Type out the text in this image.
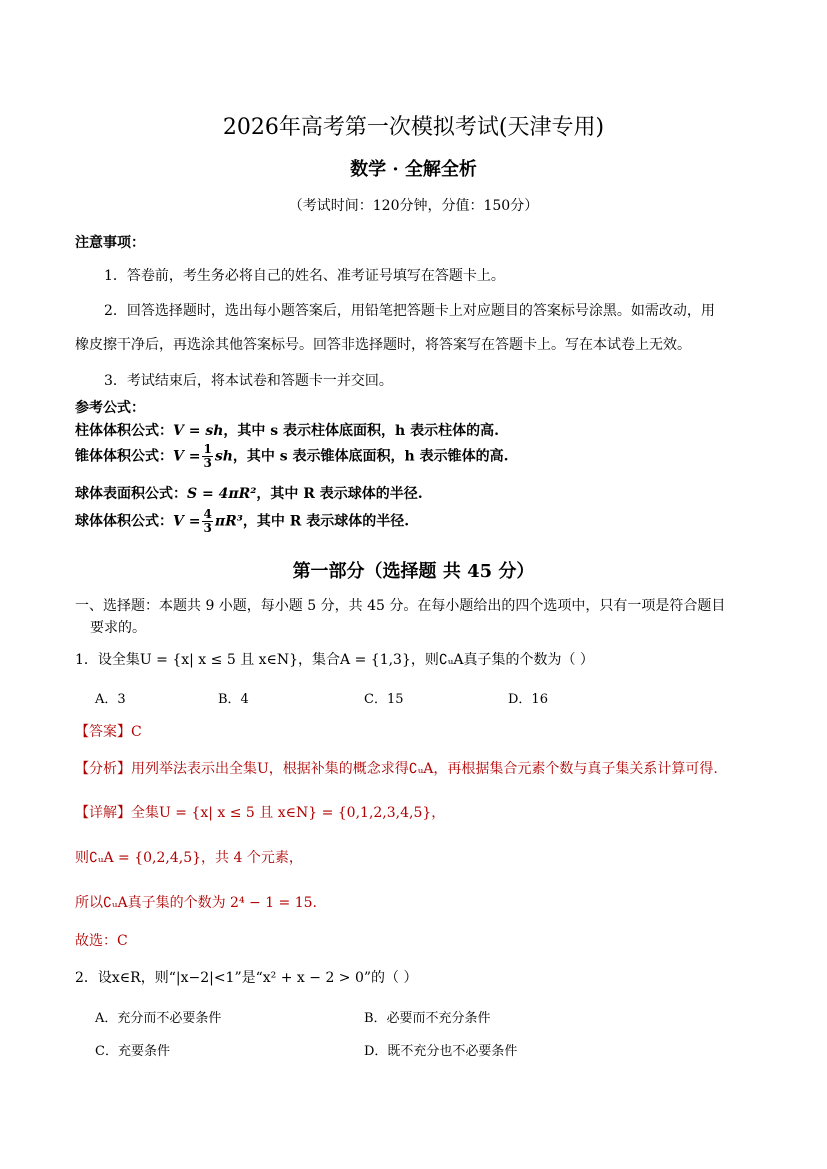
2026年高考第一次模拟考试(天津专用)
数学 · 全解全析
（考试时间：120分钟，分值：150分）
注意事项：
1．答卷前，考生务必将自己的姓名、准考证号填写在答题卡上。
2．回答选择题时，选出每小题答案后，用铅笔把答题卡上对应题目的答案标号涂黑。如需改动，用
橡皮擦干净后，再选涂其他答案标号。回答非选择题时，将答案写在答题卡上。写在本试卷上无效。
3．考试结束后，将本试卷和答题卡一并交回。
参考公式：
柱体体积公式：V = sh，其中 s 表示柱体底面积，h 表示柱体的高.
锥体体积公式：$V = \frac{1}{3}$ sh，其中 s 表示锥体底面积，h 表示锥体的高.
球体表面积公式：S = 4πR²，其中 R 表示球体的半径.
球体体积公式：$V = \frac{4}{3} \pi R^3$，其中 R 表示球体的半径.
第一部分（选择题 共 45 分）
一、选择题：本题共 9 小题，每小题 5 分，共 45 分。在每小题给出的四个选项中，只有一项是符合题目
要求的。
1．设全集U = {x| x ≤ 5 且 x∈N}，集合A = {1,3}，则∁ᵤA真子集的个数为（ ）
A．3	B．4	C．15	D．16
【答案】C
【分析】用列举法表示出全集U，根据补集的概念求得∁ᵤA，再根据集合元素个数与真子集关系计算可得.
【详解】全集U = {x| x ≤ 5 且 x∈N} = {0,1,2,3,4,5}，
则∁ᵤA = {0,2,4,5}，共 4 个元素，
所以∁ᵤA真子集的个数为 2⁴ − 1 = 15.
故选：C
2．设x∈R，则“|x−2|<1”是“x² + x − 2 > 0”的（ ）
A．充分而不必要条件	B．必要而不充分条件
C．充要条件	D．既不充分也不必要条件
